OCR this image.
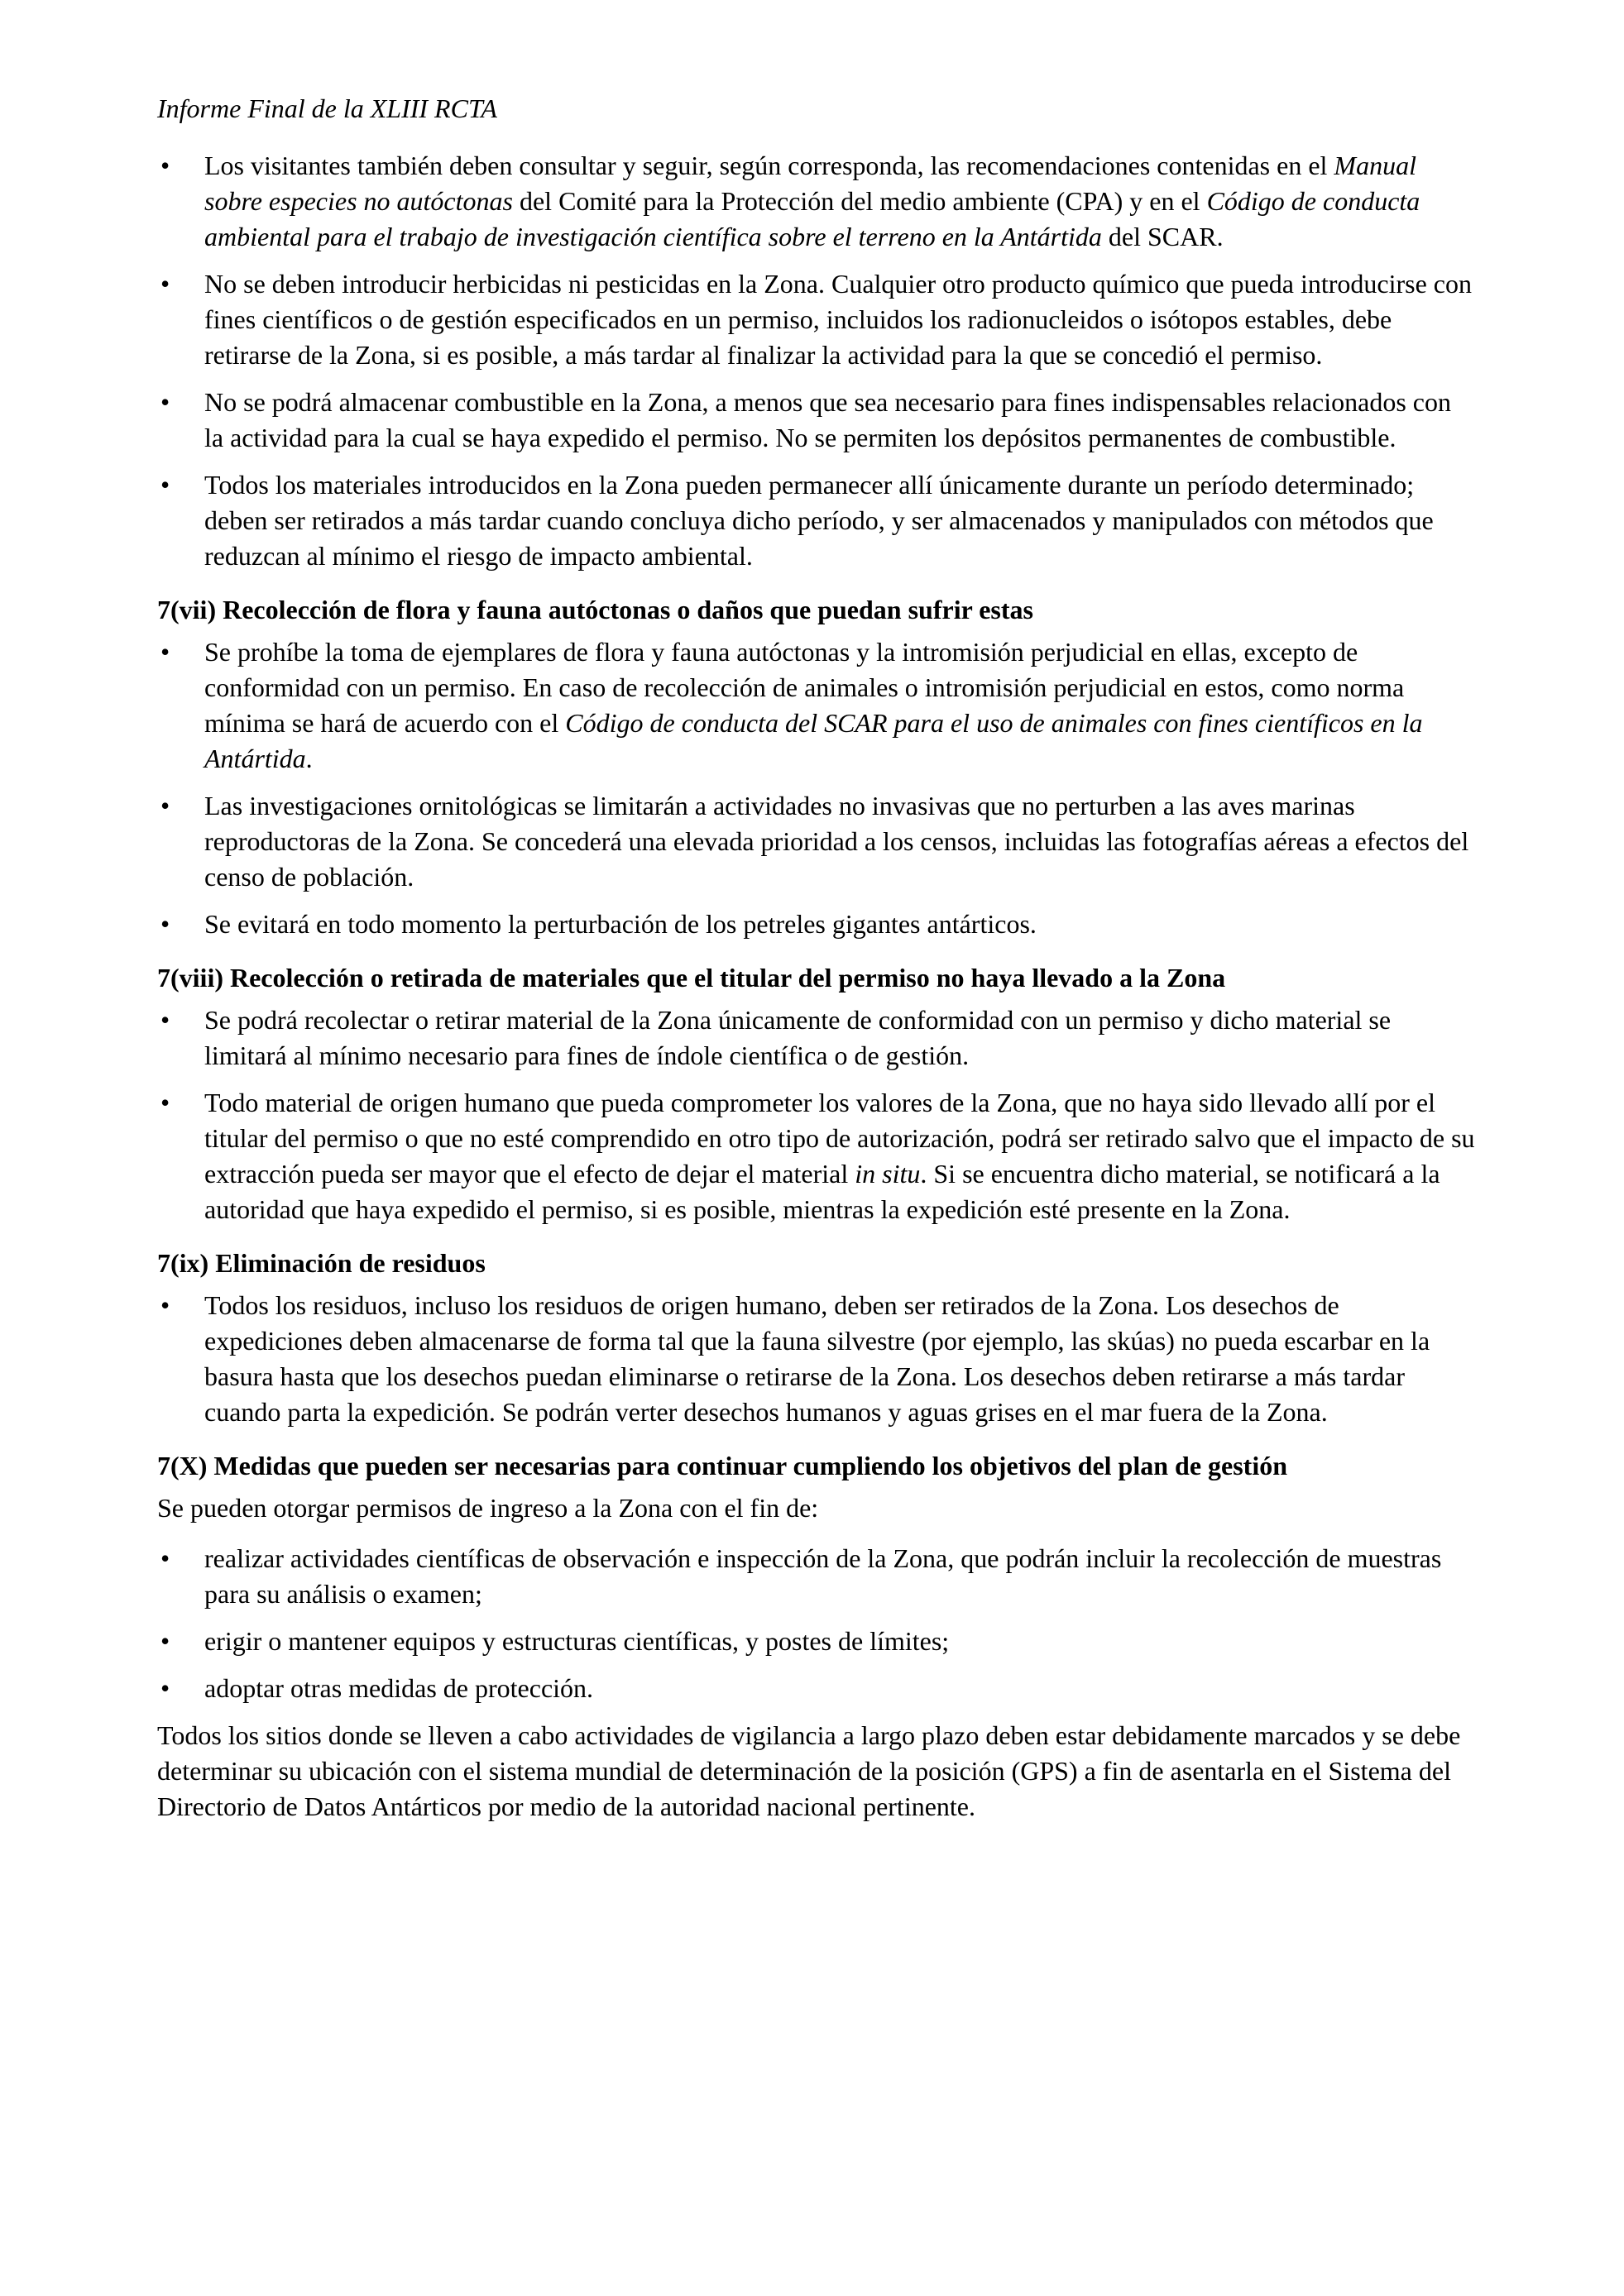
Informe Final de la XLIII RCTA
• Los visitantes también deben consultar y seguir, según corresponda, las recomendaciones contenidas en el Manual sobre especies no autóctonas del Comité para la Protección del medio ambiente (CPA) y en el Código de conducta ambiental para el trabajo de investigación científica sobre el terreno en la Antártida del SCAR.
• No se deben introducir herbicidas ni pesticidas en la Zona. Cualquier otro producto químico que pueda introducirse con fines científicos o de gestión especificados en un permiso, incluidos los radionucleidos o isótopos estables, debe retirarse de la Zona, si es posible, a más tardar al finalizar la actividad para la que se concedió el permiso.
• No se podrá almacenar combustible en la Zona, a menos que sea necesario para fines indispensables relacionados con la actividad para la cual se haya expedido el permiso. No se permiten los depósitos permanentes de combustible.
• Todos los materiales introducidos en la Zona pueden permanecer allí únicamente durante un período determinado; deben ser retirados a más tardar cuando concluya dicho período, y ser almacenados y manipulados con métodos que reduzcan al mínimo el riesgo de impacto ambiental.
7(vii) Recolección de flora y fauna autóctonas o daños que puedan sufrir estas
• Se prohíbe la toma de ejemplares de flora y fauna autóctonas y la intromisión perjudicial en ellas, excepto de conformidad con un permiso. En caso de recolección de animales o intromisión perjudicial en estos, como norma mínima se hará de acuerdo con el Código de conducta del SCAR para el uso de animales con fines científicos en la Antártida.
• Las investigaciones ornitológicas se limitarán a actividades no invasivas que no perturben a las aves marinas reproductoras de la Zona. Se concederá una elevada prioridad a los censos, incluidas las fotografías aéreas a efectos del censo de población.
• Se evitará en todo momento la perturbación de los petreles gigantes antárticos.
7(viii) Recolección o retirada de materiales que el titular del permiso no haya llevado a la Zona
• Se podrá recolectar o retirar material de la Zona únicamente de conformidad con un permiso y dicho material se limitará al mínimo necesario para fines de índole científica o de gestión.
• Todo material de origen humano que pueda comprometer los valores de la Zona, que no haya sido llevado allí por el titular del permiso o que no esté comprendido en otro tipo de autorización, podrá ser retirado salvo que el impacto de su extracción pueda ser mayor que el efecto de dejar el material in situ. Si se encuentra dicho material, se notificará a la autoridad que haya expedido el permiso, si es posible, mientras la expedición esté presente en la Zona.
7(ix) Eliminación de residuos
• Todos los residuos, incluso los residuos de origen humano, deben ser retirados de la Zona. Los desechos de expediciones deben almacenarse de forma tal que la fauna silvestre (por ejemplo, las skúas) no pueda escarbar en la basura hasta que los desechos puedan eliminarse o retirarse de la Zona. Los desechos deben retirarse a más tardar cuando parta la expedición. Se podrán verter desechos humanos y aguas grises en el mar fuera de la Zona.
7(X) Medidas que pueden ser necesarias para continuar cumpliendo los objetivos del plan de gestión

Se pueden otorgar permisos de ingreso a la Zona con el fin de:

• realizar actividades científicas de observación e inspección de la Zona, que podrán incluir la recolección de muestras para su análisis o examen;
• erigir o mantener equipos y estructuras científicas, y postes de límites;
• adoptar otras medidas de protección.

Todos los sitios donde se lleven a cabo actividades de vigilancia a largo plazo deben estar debidamente marcados y se debe determinar su ubicación con el sistema mundial de determinación de la posición (GPS) a fin de asentarla en el Sistema del Directorio de Datos Antárticos por medio de la autoridad nacional pertinente.
